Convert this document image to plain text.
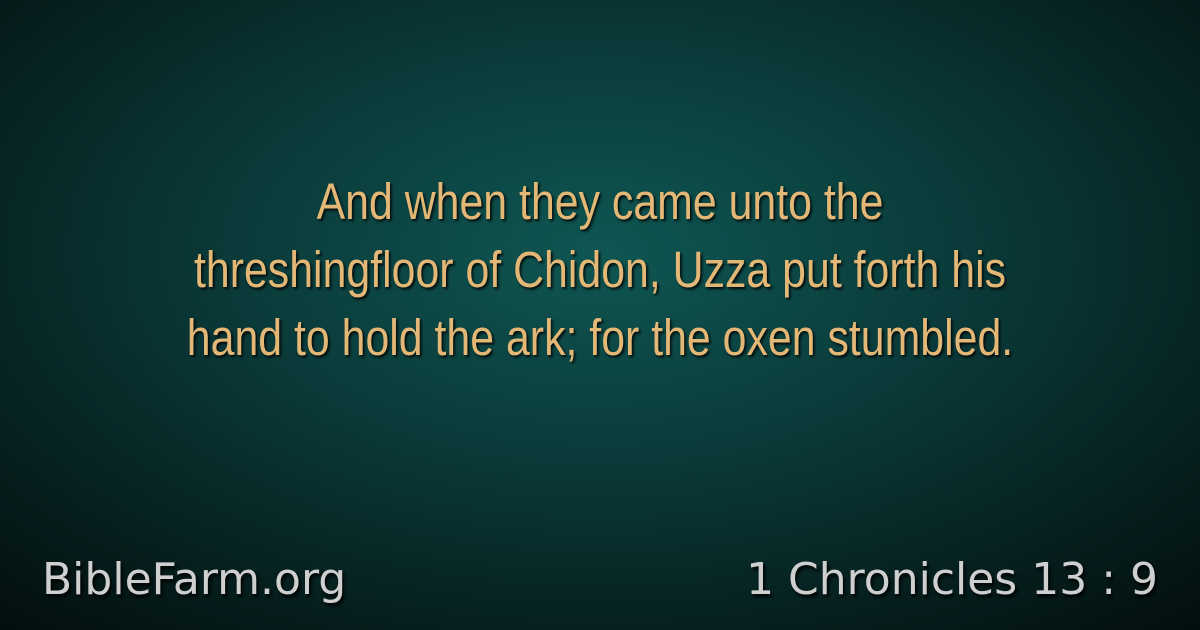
And when they came unto the
threshingfloor of Chidon, Uzza put forth his
hand to hold the ark; for the oxen stumbled.
BibleFarm.org	1 Chronicles 13 : 9
